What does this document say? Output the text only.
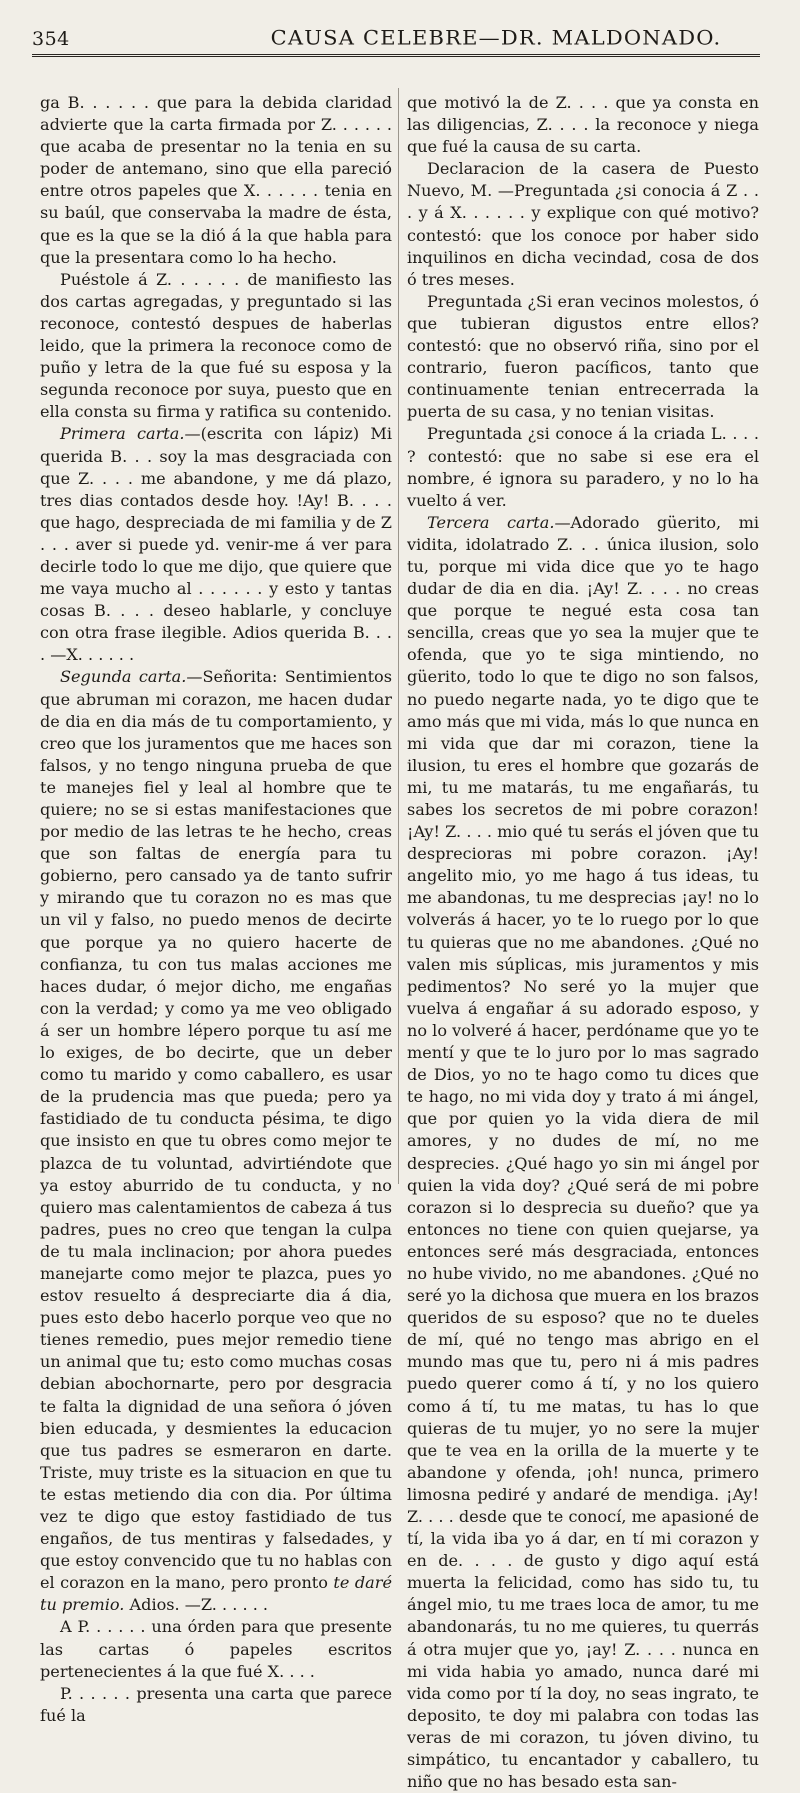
354	CAUSA CELEBRE—DR. MALDONADO.

ga B. . . . . . que para la debida claridad advierte que la carta firmada por Z. . . . . . que acaba de presentar no la tenia en su poder de antemano, sino que ella pareció entre otros papeles que X. . . . . . tenia en su baúl, que conservaba la madre de ésta, que es la que se la dió á la que habla para que la presentara como lo ha hecho.

Puéstole á Z. . . . . . de manifiesto las dos cartas agregadas, y preguntado si las reconoce, contestó despues de haberlas leido, que la primera la reconoce como de puño y letra de la que fué su esposa y la segunda reconoce por suya, puesto que en ella consta su firma y ratifica su contenido.

Primera carta.—(escrita con lápiz) Mi querida B. . . soy la mas desgraciada con que Z. . . . me abandone, y me dá plazo, tres dias contados desde hoy. !Ay! B. . . . que hago, despreciada de mi familia y de Z . . . aver si puede yd. venir-me á ver para decirle todo lo que me dijo, que quiere que me vaya mucho al . . . . . . y esto y tantas cosas B. . . . deseo hablarle, y concluye con otra frase ilegible. Adios querida B. . . . —X. . . . . .

Segunda carta.—Señorita: Sentimientos que abruman mi corazon, me hacen dudar de dia en dia más de tu comportamiento, y creo que los juramentos que me haces son falsos, y no tengo ninguna prueba de que te manejes fiel y leal al hombre que te quiere; no se si estas manifestaciones que por medio de las letras te he hecho, creas que son faltas de energía para tu gobierno, pero cansado ya de tanto sufrir y mirando que tu corazon no es mas que un vil y falso, no puedo menos de decirte que porque ya no quiero hacerte de confianza, tu con tus malas acciones me haces dudar, ó mejor dicho, me engañas con la verdad; y como ya me veo obligado á ser un hombre lépero porque tu así me lo exiges, de bo decirte, que un deber como tu marido y como caballero, es usar de la prudencia mas que pueda; pero ya fastidiado de tu conducta pésima, te digo que insisto en que tu obres como mejor te plazca de tu voluntad, advirtiéndote que ya estoy aburrido de tu conducta, y no quiero mas calentamientos de cabeza á tus padres, pues no creo que tengan la culpa de tu mala inclinacion; por ahora puedes manejarte como mejor te plazca, pues yo estov resuelto á despreciarte dia á dia, pues esto debo hacerlo porque veo que no tienes remedio, pues mejor remedio tiene un animal que tu; esto como muchas cosas debian abochornarte, pero por desgracia te falta la dignidad de una señora ó jóven bien educada, y desmientes la educacion que tus padres se esmeraron en darte. Triste, muy triste es la situacion en que tu te estas metiendo dia con dia. Por última vez te digo que estoy fastidiado de tus engaños, de tus mentiras y falsedades, y que estoy convencido que tu no hablas con el corazon en la mano, pero pronto te daré tu premio. Adios. —Z. . . . . .

A P. . . . . . una órden para que presente las cartas ó papeles escritos pertenecientes á la que fué X. . . .

P. . . . . . presenta una carta que parece fué la

que motivó la de Z. . . . que ya consta en las diligencias, Z. . . . la reconoce y niega que fué la causa de su carta.

Declaracion de la casera de Puesto Nuevo, M. —Preguntada ¿si conocia á Z . . . y á X. . . . . . y explique con qué motivo? contestó: que los conoce por haber sido inquilinos en dicha vecindad, cosa de dos ó tres meses.

Preguntada ¿Si eran vecinos molestos, ó que tubieran digustos entre ellos? contestó: que no observó riña, sino por el contrario, fueron pacíficos, tanto que continuamente tenian entrecerrada la puerta de su casa, y no tenian visitas.

Preguntada ¿si conoce á la criada L. . . . ? contestó: que no sabe si ese era el nombre, é ignora su paradero, y no lo ha vuelto á ver.

Tercera carta.—Adorado güerito, mi vidita, idolatrado Z. . . única ilusion, solo tu, porque mi vida dice que yo te hago dudar de dia en dia. ¡Ay! Z. . . . no creas que porque te negué esta cosa tan sencilla, creas que yo sea la mujer que te ofenda, que yo te siga mintiendo, no güerito, todo lo que te digo no son falsos, no puedo negarte nada, yo te digo que te amo más que mi vida, más lo que nunca en mi vida que dar mi corazon, tiene la ilusion, tu eres el hombre que gozarás de mi, tu me matarás, tu me engañarás, tu sabes los secretos de mi pobre corazon! ¡Ay! Z. . . . mio qué tu serás el jóven que tu desprecioras mi pobre corazon. ¡Ay! angelito mio, yo me hago á tus ideas, tu me abandonas, tu me desprecias ¡ay! no lo volverás á hacer, yo te lo ruego por lo que tu quieras que no me abandones. ¿Qué no valen mis súplicas, mis juramentos y mis pedimentos? No seré yo la mujer que vuelva á engañar á su adorado esposo, y no lo volveré á hacer, perdóname que yo te mentí y que te lo juro por lo mas sagrado de Dios, yo no te hago como tu dices que te hago, no mi vida doy y trato á mi ángel, que por quien yo la vida diera de mil amores, y no dudes de mí, no me desprecies. ¿Qué hago yo sin mi ángel por quien la vida doy? ¿Qué será de mi pobre corazon si lo desprecia su dueño? que ya entonces no tiene con quien quejarse, ya entonces seré más desgraciada, entonces no hube vivido, no me abandones. ¿Qué no seré yo la dichosa que muera en los brazos queridos de su esposo? que no te dueles de mí, qué no tengo mas abrigo en el mundo mas que tu, pero ni á mis padres puedo querer como á tí, y no los quiero como á tí, tu me matas, tu has lo que quieras de tu mujer, yo no sere la mujer que te vea en la orilla de la muerte y te abandone y ofenda, ¡oh! nunca, primero limosna pediré y andaré de mendiga. ¡Ay! Z. . . . desde que te conocí, me apasioné de tí, la vida iba yo á dar, en tí mi corazon y en de. . . . de gusto y digo aquí está muerta la felicidad, como has sido tu, tu ángel mio, tu me traes loca de amor, tu me abandonarás, tu no me quieres, tu querrás á otra mujer que yo, ¡ay! Z. . . . nunca en mi vida habia yo amado, nunca daré mi vida como por tí la doy, no seas ingrato, te deposito, te doy mi palabra con todas las veras de mi corazon, tu jóven divino, tu simpático, tu encantador y caballero, tu niño que no has besado esta san-
